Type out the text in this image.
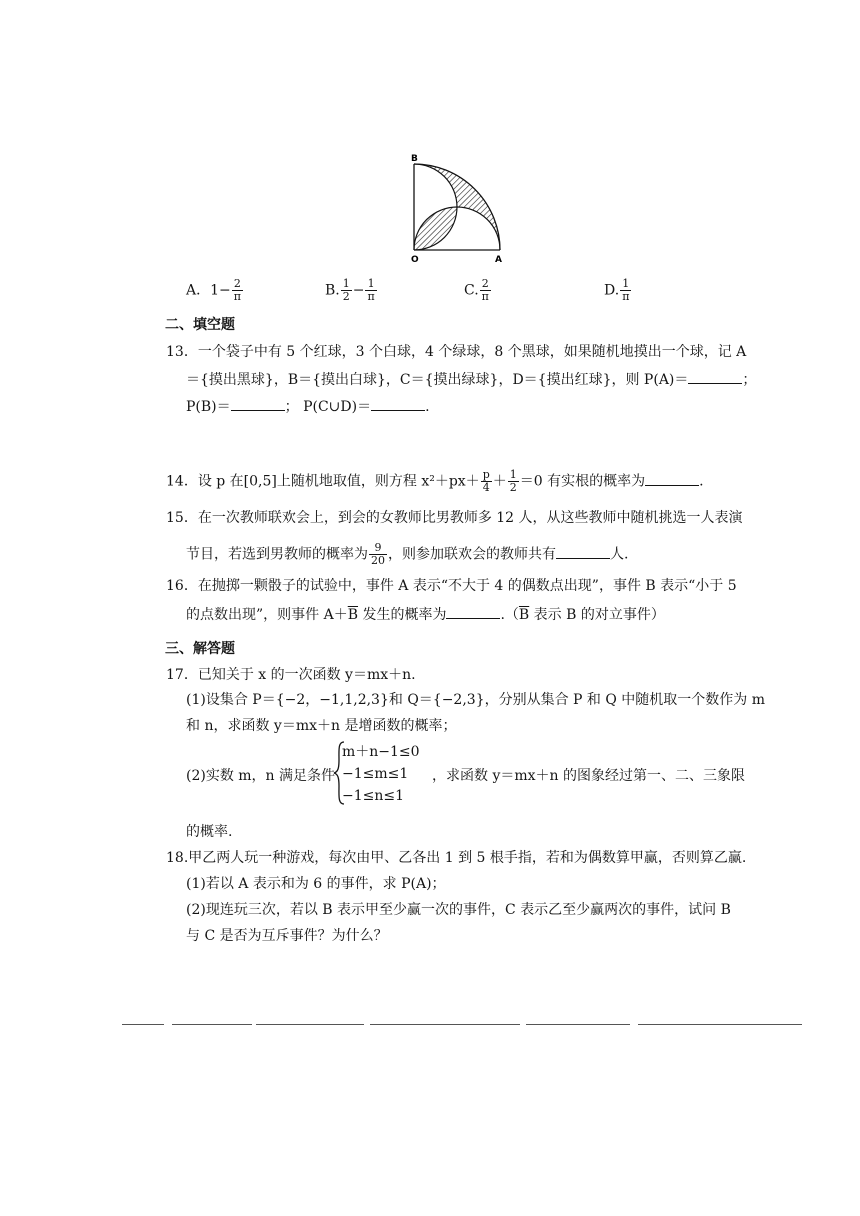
B
O	A
A．$1- \frac{2}{\pi}$	B. $\frac{1}{2} - \frac{1}{\pi}$	C. $\frac{2}{\pi}$	D. $\frac{1}{\pi}$
二、填空题
13．一个袋子中有 5 个红球，3 个白球，4 个绿球，8 个黑球，如果随机地摸出一个球，记 A
＝{摸出黑球}，B＝{摸出白球}，C＝{摸出绿球}，D＝{摸出红球}，则 P(A)＝	；
P(B)＝	； P(C∪D)＝	.
14．设 p 在[0,5]上随机地取值，则方程 $x^2+px+ \frac{p}{4} + \frac{1}{2} =0$ 有实根的概率为	.
15．在一次教师联欢会上，到会的女教师比男教师多 12 人，从这些教师中随机挑选一人表演
节目，若选到男教师的概率为 $\frac{9}{20}$ ，则参加联欢会的教师共有	人.
16．在抛掷一颗骰子的试验中，事件 A 表示“不大于 4 的偶数点出现”，事件 B 表示“小于 5
的点数出现”，则事件 $A+\overline{B}$ 发生的概率为	$.(\overline{B}$ 表示 B 的对立事件）
三、解答题
17．已知关于 x 的一次函数 y＝mx＋n.
(1)设集合 P＝{−2，−1,1,2,3}和 Q＝{−2,3}，分别从集合 P 和 Q 中随机取一个数作为 m
和 n，求函数 y＝mx＋n 是增函数的概率；
(2)实数 m，n 满足条件
m＋n−1≤0
−1≤m≤1
−1≤n≤1
，求函数 y＝mx＋n 的图象经过第一、二、三象限
的概率.
18.甲乙两人玩一种游戏，每次由甲、乙各出 1 到 5 根手指，若和为偶数算甲赢，否则算乙赢.
(1)若以 A 表示和为 6 的事件，求 P(A)；
(2)现连玩三次，若以 B 表示甲至少赢一次的事件，C 表示乙至少赢两次的事件，试问 B
与 C 是否为互斥事件？为什么？
